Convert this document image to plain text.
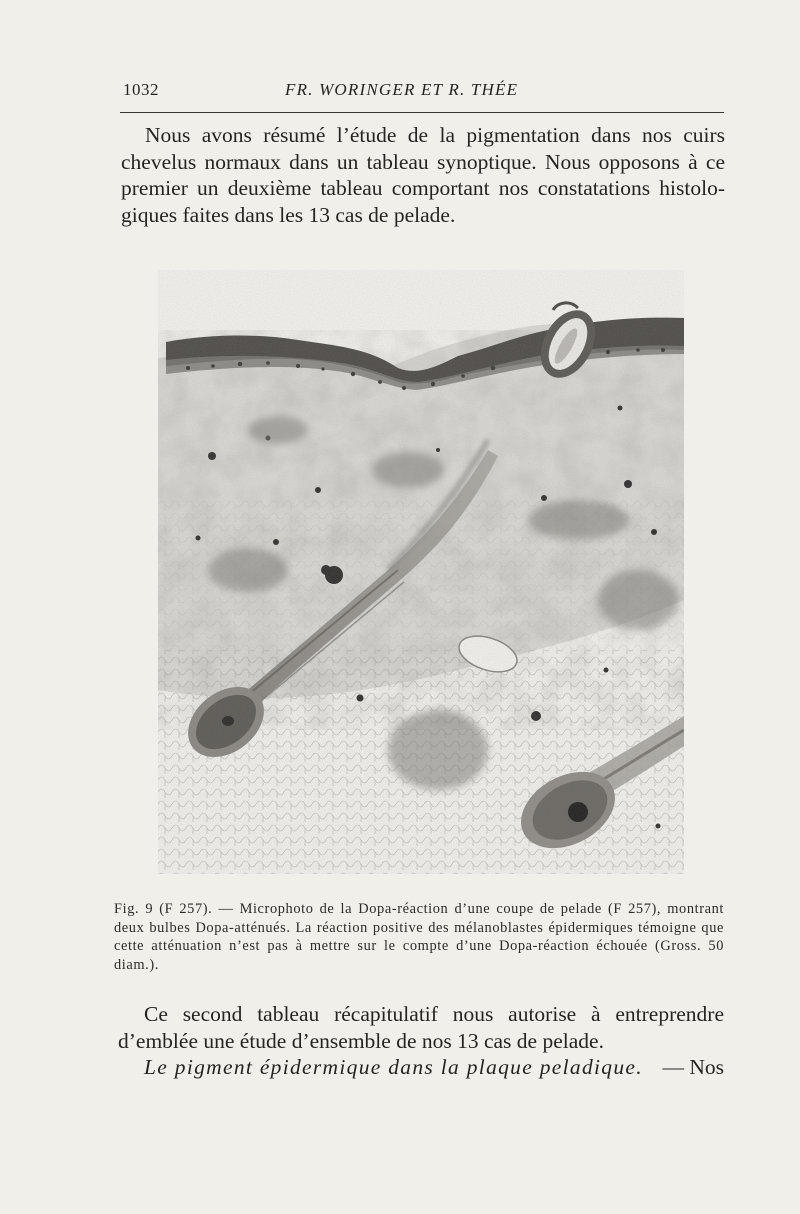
1032	FR. WORINGER ET R. THÉE

Nous avons résumé l’étude de la pigmentation dans nos cuirs chevelus normaux dans un tableau synoptique. Nous opposons à ce premier un deuxième tableau comportant nos constatations histolo-giques faites dans les 13 cas de pelade.

Fig. 9 (F 257). — Microphoto de la Dopa-réaction d’une coupe de pelade (F 257), montrant deux bulbes Dopa-atténués. La réaction positive des mélanoblastes épidermiques témoigne que cette atténuation n’est pas à mettre sur le compte d’une Dopa-réaction échouée (Gross. 50 diam.).

Ce second tableau récapitulatif nous autorise à entreprendre d’emblée une étude d’ensemble de nos 13 cas de pelade.

Le pigment épidermique dans la plaque peladique. — Nos
